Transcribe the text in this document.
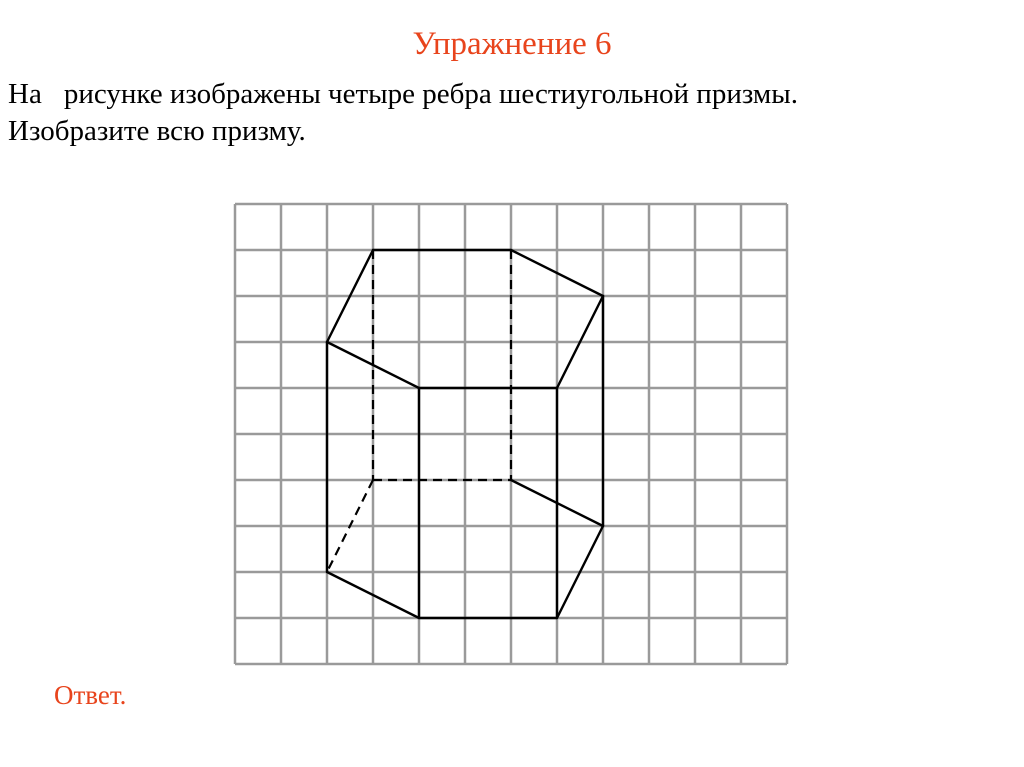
Упражнение 6
На рисунке изображены четыре ребра шестиугольной призмы.
Изобразите всю призму.
Ответ.
